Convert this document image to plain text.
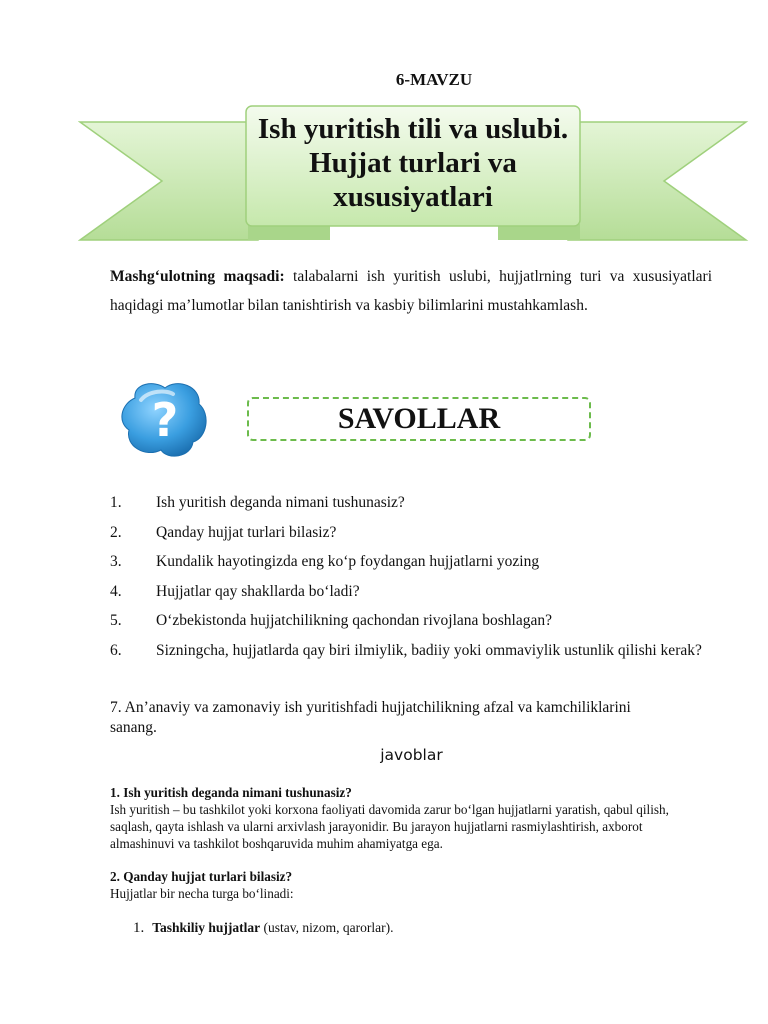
6-MAVZU
Ish yuritish tili va uslubi. Hujjat turlari va xususiyatlari
Mashg‘ulotning maqsadi: talabalarni ish yuritish uslubi, hujjatlrning turi va xususiyatlari haqidagi ma’lumotlar bilan tanishtirish va kasbiy bilimlarini mustahkamlash.
?	SAVOLLAR
1. Ish yuritish deganda nimani tushunasiz?
2. Qanday hujjat turlari bilasiz?
3. Kundalik hayotingizda eng ko‘p foydangan hujjatlarni yozing
4. Hujjatlar qay shakllarda bo‘ladi?
5. O‘zbekistonda hujjatchilikning qachondan rivojlana boshlagan?
6. Sizningcha, hujjatlarda qay biri ilmiylik, badiiy yoki ommaviylik ustunlik qilishi kerak?
7. An’anaviy va zamonaviy ish yuritishfadi hujjatchilikning afzal va kamchiliklarini sanang.
javoblar
1. Ish yuritish deganda nimani tushunasiz?
Ish yuritish – bu tashkilot yoki korxona faoliyati davomida zarur bo‘lgan hujjatlarni yaratish, qabul qilish, saqlash, qayta ishlash va ularni arxivlash jarayonidir. Bu jarayon hujjatlarni rasmiylashtirish, axborot almashinuvi va tashkilot boshqaruvida muhim ahamiyatga ega.
2. Qanday hujjat turlari bilasiz?
Hujjatlar bir necha turga bo‘linadi:
1. Tashkiliy hujjatlar (ustav, nizom, qarorlar).
